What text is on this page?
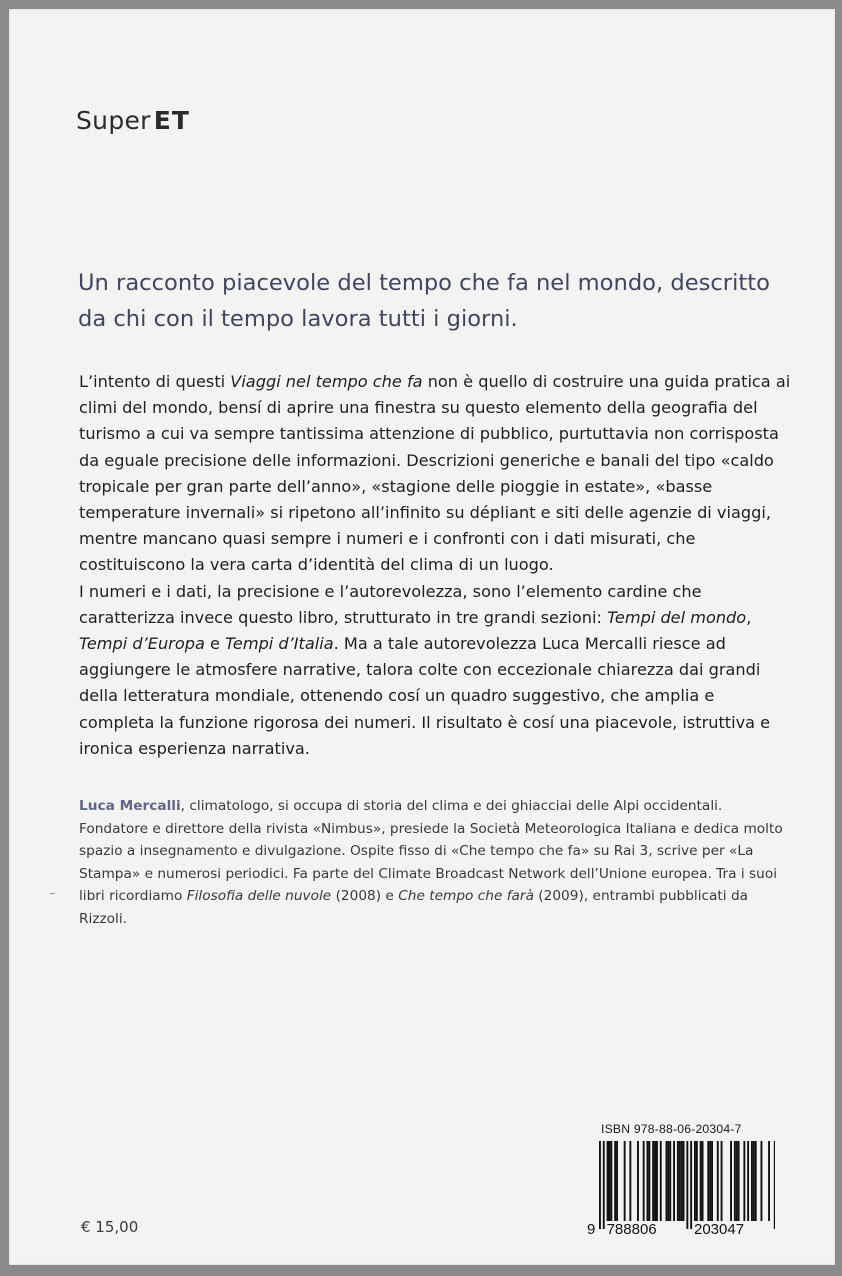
Super ET
Un racconto piacevole del tempo che fa nel mondo, descritto
da chi con il tempo lavora tutti i giorni.

L’intento di questi Viaggi nel tempo che fa non è quello di costruire una guida pratica ai climi del mondo, bensí di aprire una finestra su questo elemento della geografia del turismo a cui va sempre tantissima attenzione di pubblico, purtuttavia non corrisposta da eguale precisione delle informazioni. Descrizioni generiche e banali del tipo «caldo tropicale per gran parte dell’anno», «stagione delle pioggie in estate», «basse temperature invernali» si ripetono all’infinito su dépliant e siti delle agenzie di viaggi, mentre mancano quasi sempre i numeri e i confronti con i dati misurati, che costituiscono la vera carta d’identità del clima di un luogo.

I numeri e i dati, la precisione e l’autorevolezza, sono l’elemento cardine che caratterizza invece questo libro, strutturato in tre grandi sezioni: Tempi del mondo, Tempi d’Europa e Tempi d’Italia. Ma a tale autorevolezza Luca Mercalli riesce ad aggiungere le atmosfere narrative, talora colte con eccezionale chiarezza dai grandi della letteratura mondiale, ottenendo cosí un quadro suggestivo, che amplia e completa la funzione rigorosa dei numeri. Il risultato è cosí una piacevole, istruttiva e ironica esperienza narrativa.

Luca Mercalli, climatologo, si occupa di storia del clima e dei ghiacciai delle Alpi occidentali. Fondatore e direttore della rivista «Nimbus», presiede la Società Meteorologica Italiana e dedica molto spazio a insegnamento e divulgazione. Ospite fisso di «Che tempo che fa» su Rai 3, scrive per «La Stampa» e numerosi periodici. Fa parte del Climate Broadcast Network dell’Unione europea. Tra i suoi libri ricordiamo Filosofia delle nuvole (2008) e Che tempo che farà (2009), entrambi pubblicati da Rizzoli.
ISBN 978-88-06-20304-7
9 788806 203047
€ 15,00
